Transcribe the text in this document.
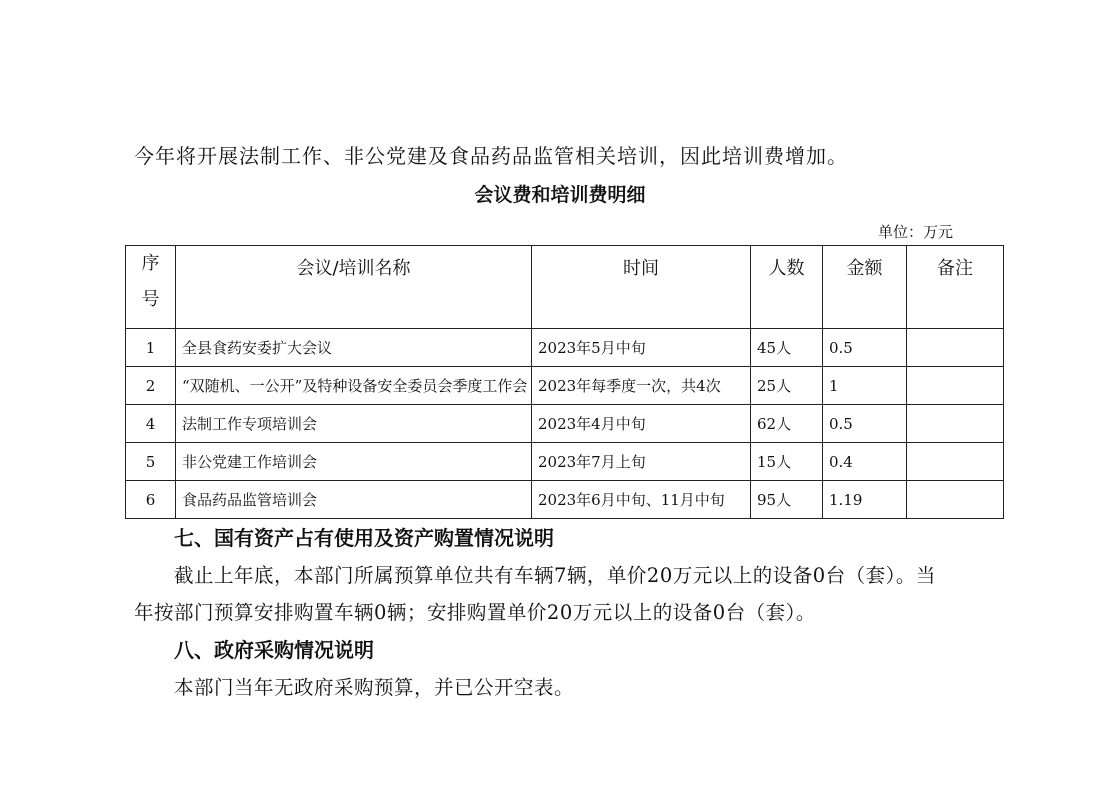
今年将开展法制工作、非公党建及食品药品监管相关培训，因此培训费增加。
会议费和培训费明细
单位：万元
序
号	会议/培训名称	时间	人数	金额	备注
1	全县食药安委扩大会议	2023年5月中旬	45人	0.5	
2	“双随机、一公开”及特种设备安全委员会季度工作会	2023年每季度一次，共4次	25人	1	
4	法制工作专项培训会	2023年4月中旬	62人	0.5	
5	非公党建工作培训会	2023年7月上旬	15人	0.4	
6	食品药品监管培训会	2023年6月中旬、11月中旬	95人	1.19	
七、国有资产占有使用及资产购置情况说明
截止上年底，本部门所属预算单位共有车辆7辆，单价20万元以上的设备0台（套）。当
年按部门预算安排购置车辆0辆；安排购置单价20万元以上的设备0台（套）。
八、政府采购情况说明
本部门当年无政府采购预算，并已公开空表。
